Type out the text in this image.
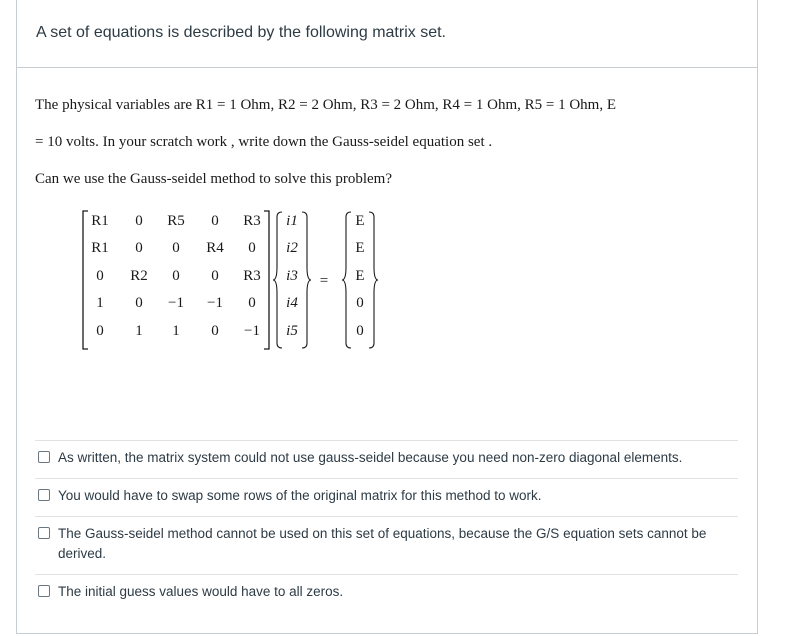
A set of equations is described by the following matrix set.
The physical variables are R1 = 1 Ohm, R2 = 2 Ohm, R3 = 2 Ohm, R4 = 1 Ohm, R5 = 1 Ohm, E
= 10 volts. In your scratch work , write down the Gauss-seidel equation set .
Can we use the Gauss-seidel method to solve this problem?
R1 0 R5 0 R3
R1 0 0 R4 0
0 R2 0 0 R3
1 0 −1 −1 0
0 1 1 0 −1
i1
i2
i3
i4
i5
=
E
E
E
0
0
As written, the matrix system could not use gauss-seidel because you need non-zero diagonal elements.
You would have to swap some rows of the original matrix for this method to work.
The Gauss-seidel method cannot be used on this set of equations, because the G/S equation sets cannot be derived.
The initial guess values would have to all zeros.
